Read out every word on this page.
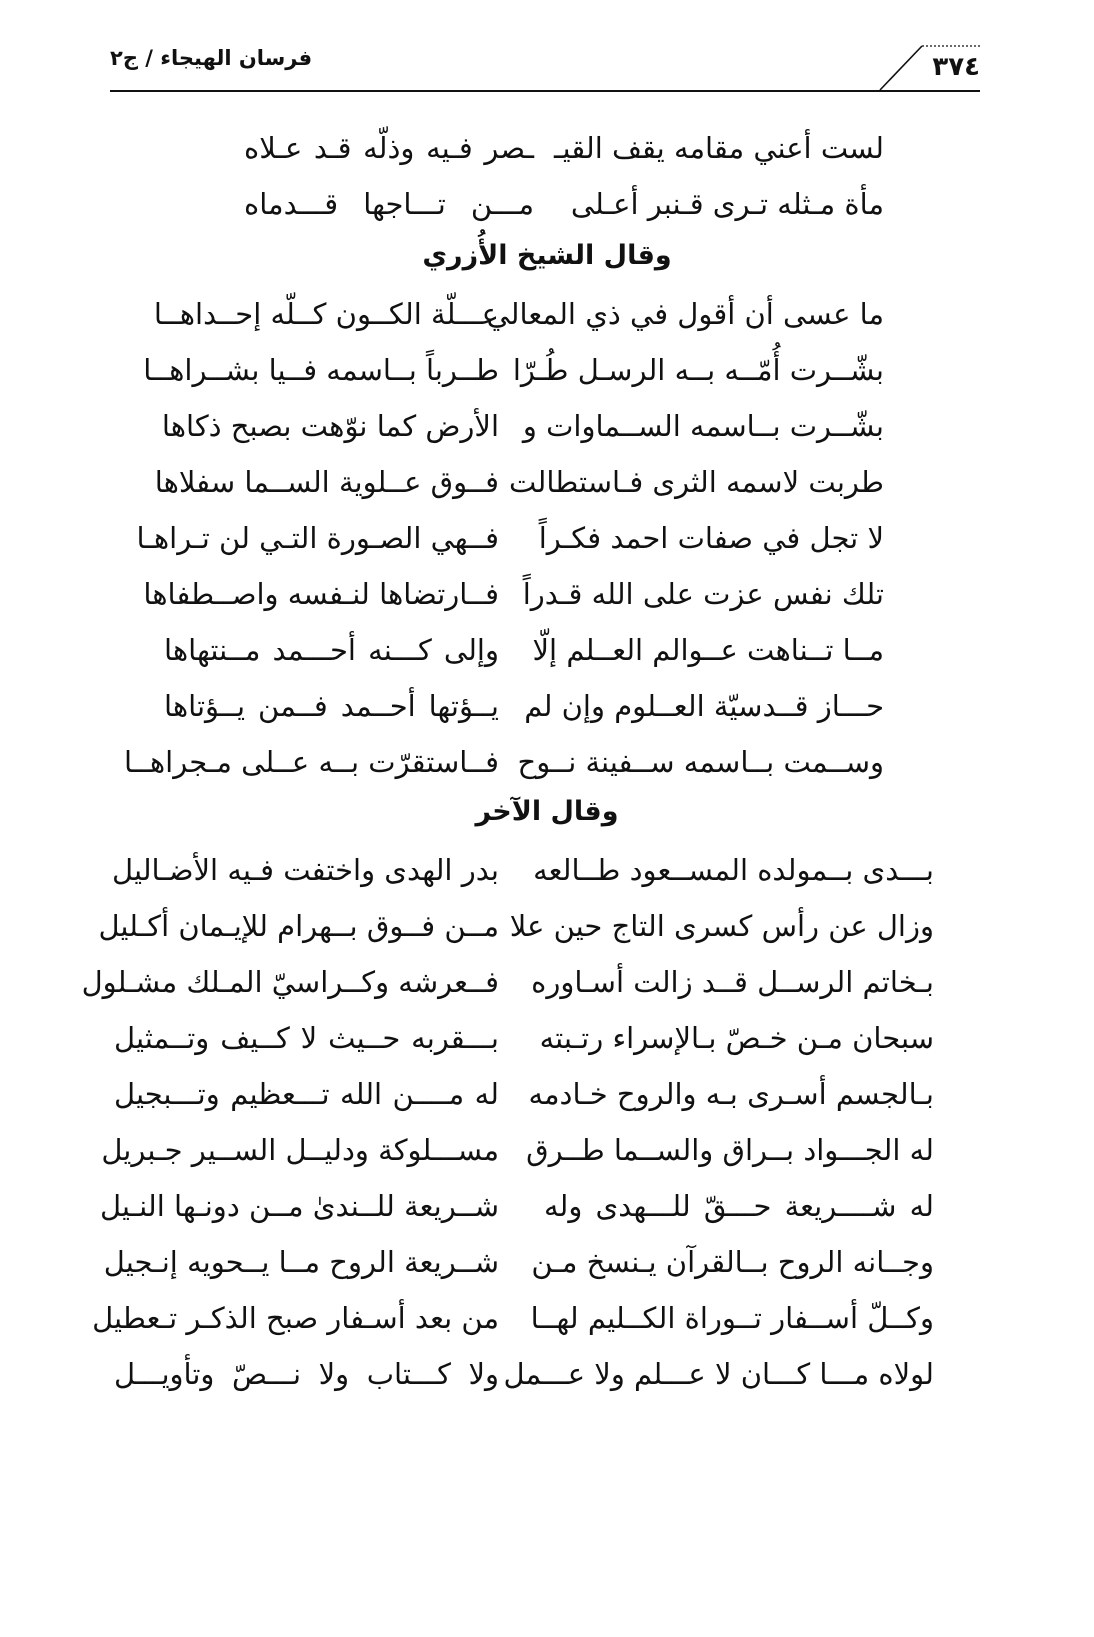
٣٧٤
فرسان الهيجاء / ج٢
لست أعني مقامه يقف القيـ
ـصر فـيه وذلّه قـد عـلاه
مأة مـثله تـرى قـنبر أعـلى
مـــن تـــاجها قـــدماه
وقال الشيخ الأُزري
ما عسى أن أقول في ذي المعالي
عـــلّة الكــون كــلّه إحــداهــا
بشّــرت أُمّــه بــه الرسـل طُـرّا
طــرباً بــاسمه فــيا بشــراهــا
بشّــرت بــاسمه الســماوات و
الأرض كما نوّهت بصبح ذكاها
طربت لاسمه الثرى فـاستطالت
فــوق عــلوية الســما سفلاها
لا تجل في صفات احمد فكـراً
فــهي الصـورة التـي لن تـراهـا
تلك نفس عزت على الله قـدراً
فــارتضاها لنـفسه واصــطفاها
مــا تــناهت عــوالم العــلم إلّا
وإلى كـــنه أحـــمد مــنتهاها
حـــاز قــدسيّة العــلوم وإن لم
يــؤتها أحــمد فــمن يــؤتاها
وســمت بــاسمه ســفينة نــوح
فــاستقرّت بــه عــلى مـجراهــا
وقال الآخر
بـــدى بــمولده المســعود طــالعه
بدر الهدى واختفت فـيه الأضـاليل
وزال عن رأس كسرى التاج حين علا
مــن فــوق بــهرام للإيـمان أكـليل
بـخاتم الرســل قــد زالت أسـاوره
فــعرشه وكــراسيّ المـلك مشـلول
سبحان مـن خـصّ بـالإسراء رتـبته
بـــقربه حــيث لا كــيف وتــمثيل
بـالجسم أسـرى بـه والروح خـادمه
له مــــن الله تـــعظيم وتـــبجيل
له الجـــواد بــراق والســما طــرق
مســـلوكة ودليــل الســير جـبريل
له شــــريعة حـــقّ للـــهدى وله
شــريعة للــندىٰ مــن دونـها النـيل
وجــانه الروح بــالقرآن يـنسخ مـن
شــريعة الروح مــا يــحويه إنـجيل
وكــلّ أســفار تــوراة الكــليم لهــا
من بعد أسـفار صبح الذكـر تـعطيل
لولاه مـــا كـــان لا عـــلم ولا عـــمل
ولا كـــتاب ولا نـــصّ وتأويـــل
